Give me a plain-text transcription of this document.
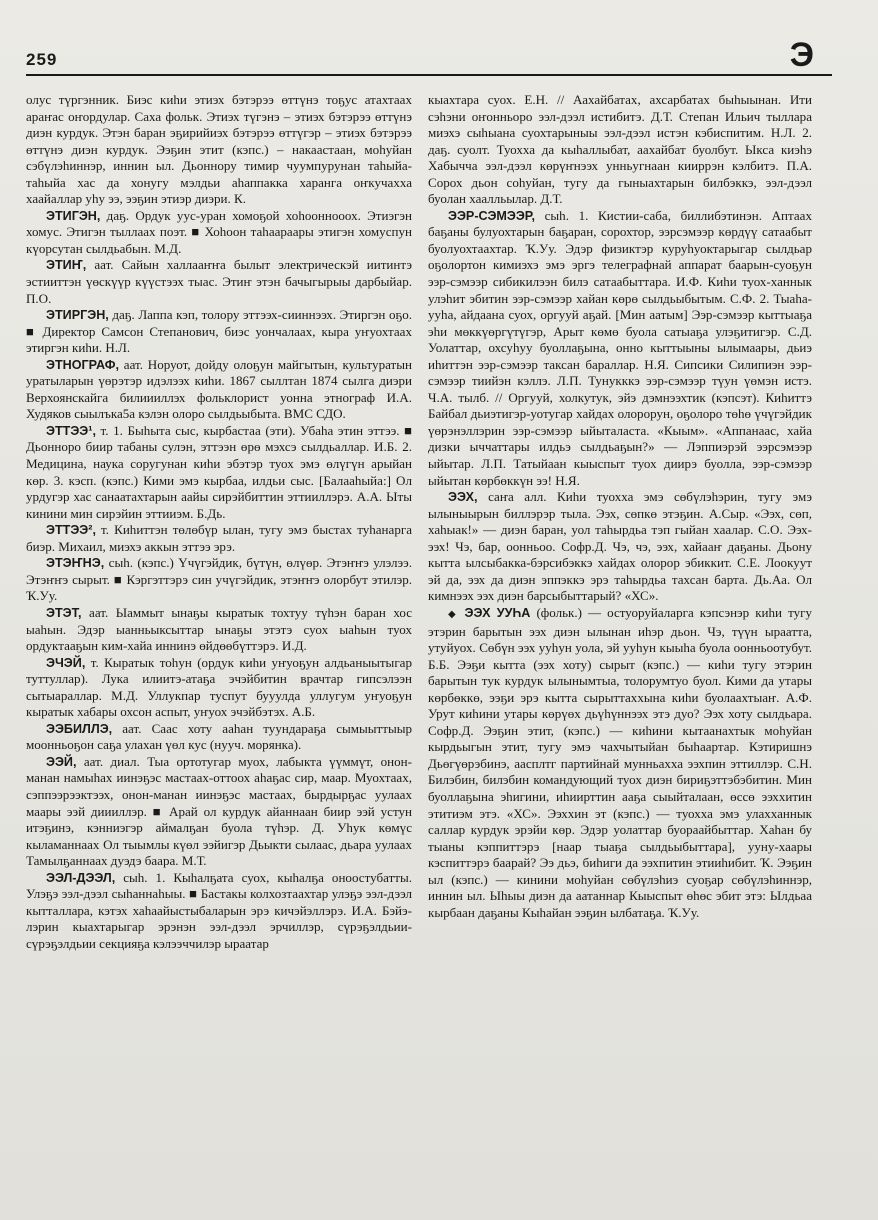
259	Э

олус түргэнник. Биэс киһи этиэх бэтэрээ өттүнэ тоҕус атахтаах араҥас оҥордулар. Саха фольк. Этиэх түгэнэ – этиэх бэтэрээ өттүнэ диэн курдук. Этэн баран эҕирийиэх бэтэрээ өттүгэр – этиэх бэтэрээ өттүнэ диэн курдук. Ээҕин этит (кэпс.) – накаастаан, моһуйан сэбүлэһиннэр, иннин ыл. Дьоннору тимир чуумпурунан таһыйа-таһыйа хас да хонугу мэлдьи аһаппакка харанга оҥкучахха хаайаллар уһу ээ, ээҕин этиэр диэри. К.

ЭТИГЭН, даҕ. Ордук уус-уран хомоҕой хоһооннооох. Этиэгэн хомус. Этигэн тыллаах поэт. ■ Хоһоон таһаараары этигэн хомуспун күорсутан сылдьабын. М.Д.

ЭТИҤ, аат. Сайын халлааҥҥа былыт электрическэй иитинтэ эстииттэн үөскүүр күүстээх тыас. Этиҥ этэн бачыгырыы дарбыйар. П.О.

ЭТИРГЭН, даҕ. Лаппа кэп, толору эттээх-сииннээх. Этиргэн оҕо. ■ Директор Самсон Степанович, биэс уончалаах, кыра уҥуохтаах этиргэн киһи. Н.Л.

ЭТНОГРАФ, аат. Норуот, дойду олоҕун майгытын, культуратын уратыларын үөрэтэр идэлээх киһи. 1867 сыллтан 1874 сылга диэри Верхоянскайга билиииллэх фольклорист уонна этнограф И.А. Худяков сыылъка5а кэлэн олоро сылдьыбыта. ВМС СДО.

ЭТТЭЭ¹, т. 1. Быһыта сыс, кырбастаа (эти). Убаһа этин эттээ. ■ Дьонноро биир табаны сулэн, эттээн өрө мэхсэ сылдьаллар. И.Б. 2. Медицина, наука соругунан киһи эбэтэр туох эмэ өлүгүн арыйан көр. 3. кэсп. (кэпс.) Кими эмэ кырбаа, илдьи сыс. [Балааһыйа:] Ол урдугэр хас санаатахтарын аайы сирэйбиттин эттииллэрэ. А.А. Ыты кинини мин сирэйин эттииэм. Б.Дь.

ЭТТЭЭ², т. Киһиттэн төлөбүр ылан, тугу эмэ быстах туһанарга биэр. Михаил, миэхэ аккын эттээ эрэ.

ЭТЭҤНЭ, сыһ. (кэпс.) Үчүгэйдик, бүтүн, өлүөр. Этэҥҥэ улэлээ. Этэҥҥэ сырыт. ■ Кэргэттэрэ син учүгэйдик, этэҥҥэ олорбут этилэр. Ҡ.Уу.

ЭТЭТ, аат. Ыаммыт ынаҕы кыратык тохтуу түһэн баран хос ыаһын. Эдэр ыанньыксыттар ынаҕы этэтэ суох ыаһын туох ордуктааҕын ким-хайа иннинэ өйдөөбүттэрэ. И.Д.

ЭЧЭЙ, т. Кыратык тоһун (ордук киһи уҥуоҕун алдьаныытыгар туттуллар). Лука илиитэ-атаҕа эчэйбитин врачтар гипсэлээн сытыараллар. М.Д. Уллукпар туспут бууулда уллугум уҥуоҕун кыратык хабары охсон аспыт, уҥуох эчэйбэтэх. А.Б.

ЭЭБИЛЛЭ, аат. Саас хоту ааһан туундараҕа сымыыттыыр моонньоҕон саҕа улахан үөл кус (нууч. морянка).

ЭЭЙ, аат. диал. Тыа ортотугар муох, лабыкта үүммүт, онон-манан намыһах иинэҕэс мастаах-оттоох аһаҕас сир, маар. Муохтаах, сэппээрээктээх, онон-манан иинэҕэс мастаах, бырдырҕас уулаах маары ээй диииллэр. ■ Арай ол курдук айаннаан биир ээй устун итэҕинэ, кэнниэгэр аймалҕан буола түһэр. Д. Уһук көмүс кыламаннаах Ол тыымлы күөл ээйигэр Дьыкти сылаас, дьара уулаах Тамылҕаннаах дуэдэ баара. М.Т.

ЭЭЛ-ДЭЭЛ, сыһ. 1. Кыһалҕата суох, кыһалҕа оноостубатты. Улэҕэ ээл-дээл сыһаннаһыы. ■ Бастакы колхозтаахтар улэҕэ ээл-дээл кытталлара, кэтэх хаһаайыстыбаларын эрэ кичэйэллэрэ. И.А. Бэйэлэрин кыахтарыгар эрэнэн ээл-дээл эрчиллэр, сүрэҕэлдьии-сүрэҕэлдьии секцияҕа кэлээччилэр ыраатар

кыахтара суох. Е.Н. // Аахайбатах, ахсарбатах быһыынан. Ити сэһэни оҥонньоро ээл-дээл истибитэ. Д.Т. Степан Ильич тыллара миэхэ сыһыана суохтарыныы ээл-дээл истэн кэбиспитим. Н.Л. 2. даҕ. суолт. Туохха да кыһаллыбат, аахайбат буолбут. Ыкса киэһэ Хабычча ээл-дээл көрүҥнээх унньугнаан кииррэн кэлбитэ. П.А. Сорох дьон соһуйан, тугу да гыныахтарын билбэккэ, ээл-дээл буолан хаалльылар. Д.Т.

ЭЭР-СЭМЭЭР, сыһ. 1. Кистии-саба, биллибэтинэн. Аптаах баҕаны булуохтарын баҕаран, сорохтор, ээрсэмээр көрдүү сатаабыт буолуохтаахтар. Ҡ.Уу. Эдэр физиктэр куруһуоктарыгар сылдьар оҕолортон кимиэхэ эмэ эргэ телеграфнай аппарат баарын-суоҕун ээр-сэмээр сибикилээн билэ сатаабыттара. И.Ф. Киһи туох-ханнык улэһит эбитин ээр-сэмээр хайан көрө сылдьыбытым. С.Ф. 2. Тыаһа-ууһа, айдаана суох, оргууй аҕай. [Мин аатым] Ээр-сэмээр кыттыаҕа эһи мөккүөргүтүгэр, Арыт көмө буола сатыаҕа улэҕитигэр. С.Д. Уолаттар, охсуһуу буоллаҕына, онно кыттыыны ылымаары, дьиэ иһиттэн ээр-сэмээр таксан бараллар. Н.Я. Сипсики Силипиэн ээр-сэмээр тиийэн кэллэ. Л.П. Тунукккэ ээр-сэмээр түун үөмэн истэ. Ч.А. тылб. // Оргууй, холкутук, эйэ дэмнээхтик (кэпсэт). Киһиттэ Байбал дьиэтигэр-уотугар хайдах олорорун, оҕолоро төһө үчүгэйдик үөрэнэллэрин ээр-сэмээр ыйыталаста. «Кыым». «Аппанаас, хайа дизки ыччаттары илдьэ сылдьаҕын?» — Лэппиэрэй ээрсэмээр ыйытар. Л.П. Татыйаан кыыспыт туох диирэ буолла, ээр-сэмээр ыйытан көрбөккүн ээ! Н.Я.

ЭЭХ, саҥа алл. Киһи туохха эмэ сөбүлэһэрин, тугу эмэ ылыныырын биллэрэр тыла. Ээх, сөпкө этэҕин. А.Сыр. «Ээх, сөп, хаһыак!» — диэн баран, уол таһырдьа тэп гыйан хаалар. С.О. Ээх-ээх! Чэ, бар, оонньоо. Софр.Д. Чэ, чэ, ээх, хайааҥ даҕаны. Дьону кытта ылсыбакка-бэрсибэккэ хайдах олорор эбиккит. С.Е. Лоокуут эй да, ээх да диэн эппэккэ эрэ таһырдьа тахсан барта. Дь.Аа. Ол кимнээх ээх диэн барсыбыттарый? «ХС».

◆ ЭЭХ УУҺА (фольк.) — остуоруйаларга кэпсэнэр киһи тугу этэрин барытын ээх диэн ылынан иһэр дьон. Чэ, түүн ыраатта, утуйуох. Сөбүн ээх ууһун уола, эй ууһун кыыһа буола оонньоотубут. Б.Б. Ээҕи кытта (ээх хоту) сырыт (кэпс.) — киһи тугу этэрин барытын тук курдук ылынымтыа, толорумтуо буол. Кими да утары көрбөккө, ээҕи эрэ кытта сырыттаххына киһи буолаахтыаҥ. А.Ф. Урут киһини утары көрүөх дьүһүннээх этэ дуо? Ээх хоту сылдьара. Софр.Д. Ээҕин этит, (кэпс.) — киһини кытаанахтык моһуйан кырдьыгын этит, тугу эмэ чахчытыйан быһаартар. Кэтиришнэ Дьөгүөрэбинэ, аасплтг партийнай мунньахха ээхпин эттиллэр. С.Н. Билэбин, билэбин командующий туох диэн бириҕэттэбэбитин. Мин буоллаҕына эһигини, иһиирттин ааҕа сыыйталаан, өссө ээххитин этитиэм этэ. «ХС». Ээххин эт (кэпс.) — туохха эмэ улахханнык саллар курдук эрэйи көр. Эдэр уолаттар буораайбыттар. Хаһан бу тыаны кэппиттэрэ [наар тыаҕа сылдьыбыттара], ууну-хаары кэспиттэрэ баарай? Ээ дьэ, биһиги да ээхпитин этииһибит. Ҡ. Ээҕин ыл (кэпс.) — кинини моһуйан сөбүлэһиэ суоҕар сөбүлэһиннэр, иннин ыл. Ыһыы диэн да аатаннар Кыыспыт өһөс эбит этэ: Ылдьаа кырбаан даҕаны Кыһайан ээҕин ылбатаҕа. Ҡ.Уу.
